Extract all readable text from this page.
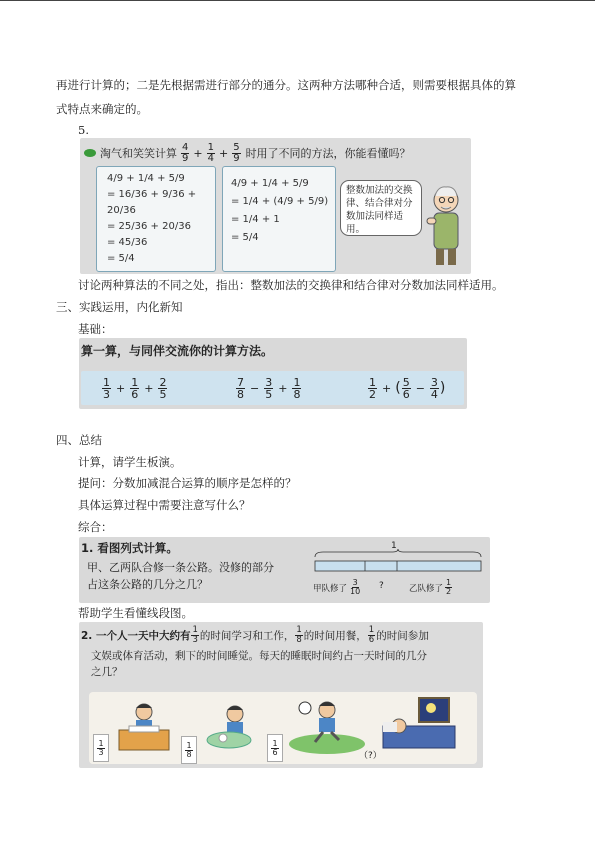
再进行计算的；二是先根据需进行部分的通分。这两种方法哪种合适，则需要根据具体的算
式特点来确定的。
5.
淘气和笑笑计算 $\frac{4}{9} + \frac{1}{4} + \frac{5}{9}$ 时用了不同的方法，你能看懂吗？
4/9 + 1/4 + 5/9
= 16/36 + 9/36 + 20/36
= 25/36 + 20/36
= 45/36
= 5/4
4/9 + 1/4 + 5/9
= 1/4 + (4/9 + 5/9)
= 1/4 + 1
= 5/4
整数加法的交换律、结合律对分数加法同样适用。
讨论两种算法的不同之处，指出：整数加法的交换律和结合律对分数加法同样适用。
三、实践运用，内化新知
基础：
算一算，与同伴交流你的计算方法。
$\frac{1}{3} + \frac{1}{6} + \frac{2}{5}$	$\frac{7}{8} - \frac{3}{5} + \frac{1}{8}$	$\frac{1}{2}$ + ( $\frac{5}{6} - \frac{3}{4}$ )
四、总结
计算，请学生板演。
提问：分数加减混合运算的顺序是怎样的？
具体运算过程中需要注意写什么？
综合：
1. 看图列式计算。
甲、乙两队合修一条公路。没修的部分
占这条公路的几分之几？
1
甲队修了 $\frac{3}{10}$ ?	乙队修了 $\frac{1}{2}$
帮助学生看懂线段图。
2. 一个人一天中大约有 $\frac{1}{3}$ 的时间学习和工作， $\frac{1}{8}$ 的时间用餐， $\frac{1}{6}$ 的时间参加
文娱或体育活动，剩下的时间睡觉。每天的睡眠时间约占一天时间的几分
之几？
$\frac{1}{3}$	$\frac{1}{8}$	$\frac{1}{6}$	（?）
